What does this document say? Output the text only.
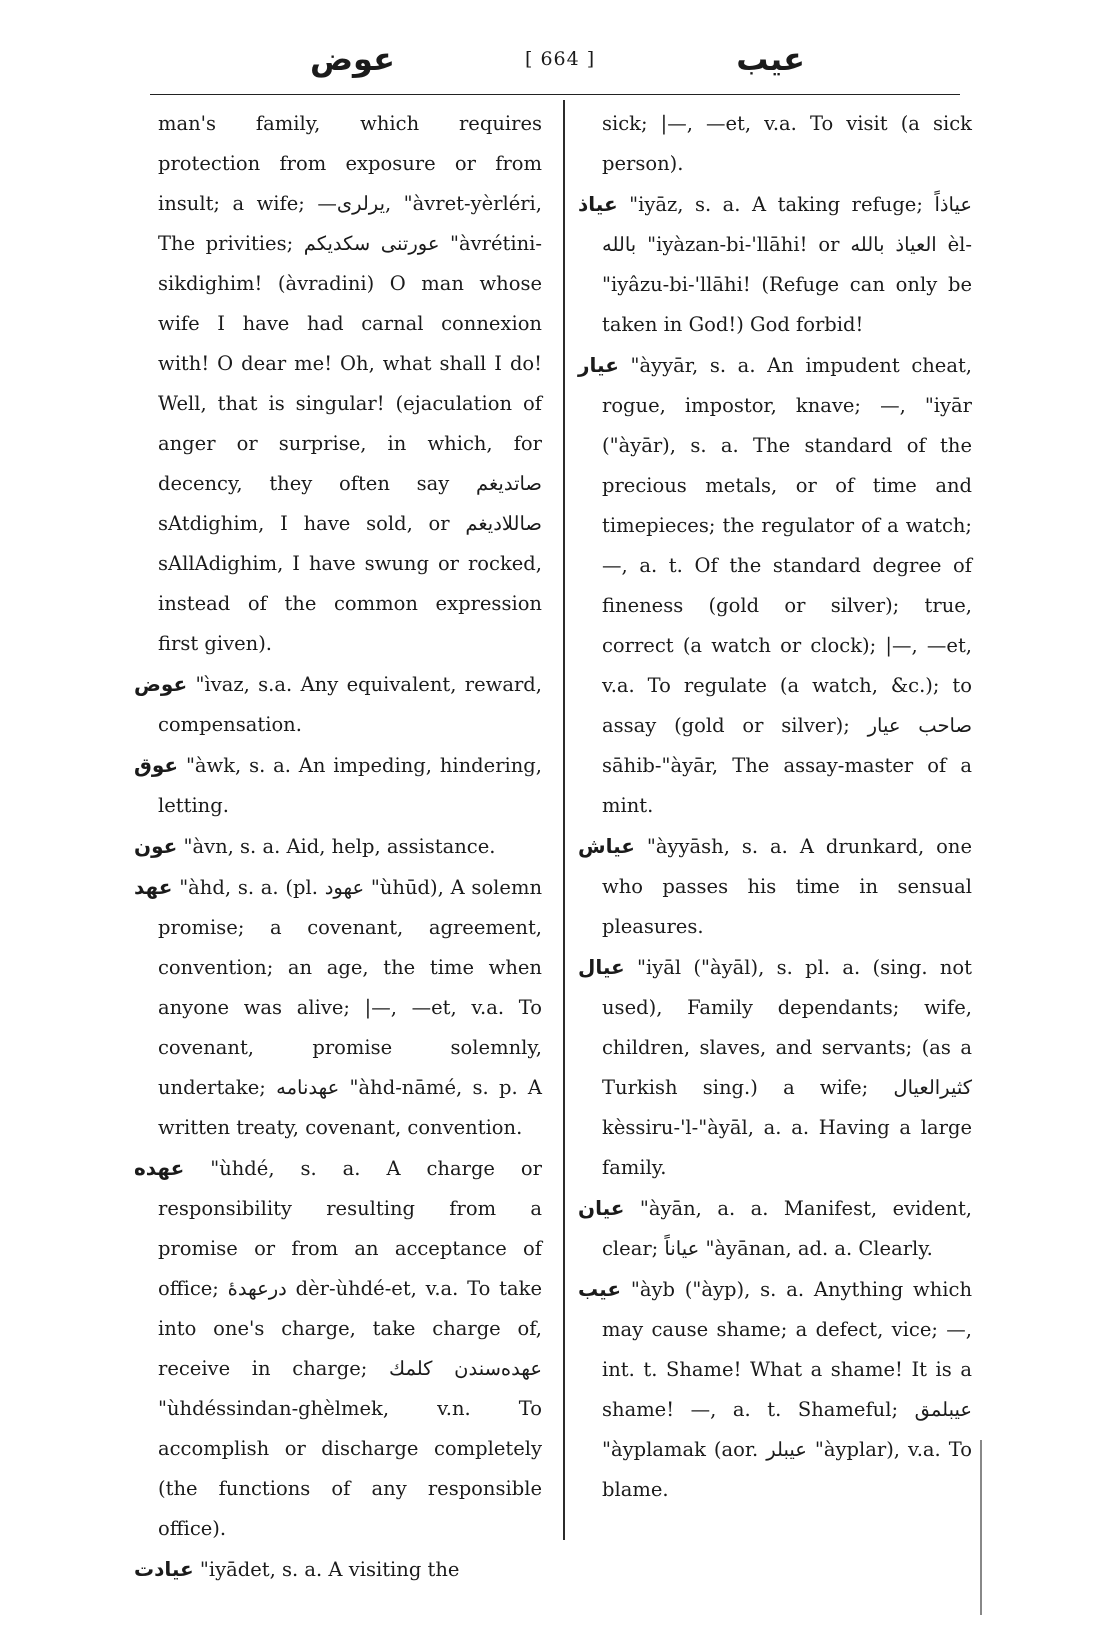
عوض	[ 664 ]	عیب

man's family, which requires protection from exposure or from insult; a wife; —یرلری, "àvret-yèrléri, The privities; عورتنی سکدیکم "àvrétini-sikdighim! (àvradini) O man whose wife I have had carnal connexion with! O dear me! Oh, what shall I do! Well, that is singular! (ejaculation of anger or surprise, in which, for decency, they often say صاتدیغم sAtdighim, I have sold, or صاللادیغم sAllAdighim, I have swung or rocked, instead of the common expression first given).

عوض "ìvaz, s.a. Any equivalent, reward, compensation.

عوق "àwk, s. a. An impeding, hindering, letting.

عون "àvn, s. a. Aid, help, assistance.

عهد "àhd, s. a. (pl. عهود "ùhūd), A solemn promise; a covenant, agreement, convention; an age, the time when anyone was alive; |—, —et, v.a. To covenant, promise solemnly, undertake; عهدنامه "àhd-nāmé, s. p. A written treaty, covenant, convention.

عهده "ùhdé, s. a. A charge or responsibility resulting from a promise or from an acceptance of office; درعهدهٔ dèr-ùhdé-et, v.a. To take into one's charge, take charge of, receive in charge; عهده‌سندن کلمك "ùhdéssindan-ghèlmek, v.n. To accomplish or discharge completely (the functions of any responsible office).

عیادت "iyādet, s. a. A visiting the

sick; |—, —et, v.a. To visit (a sick person).

عیاذ "iyāz, s. a. A taking refuge; عیاذاً بالله "iyàzan-bi-'llāhi! or العیاذ بالله èl-"iyâzu-bi-'llāhi! (Refuge can only be taken in God!) God forbid!

عیار "àyyār, s. a. An impudent cheat, rogue, impostor, knave; —, "iyār ("àyār), s. a. The standard of the precious metals, or of time and timepieces; the regulator of a watch; —, a. t. Of the standard degree of fineness (gold or silver); true, correct (a watch or clock); |—, —et, v.a. To regulate (a watch, &c.); to assay (gold or silver); صاحب عیار sāhib-"àyār, The assay-master of a mint.

عیاش "àyyāsh, s. a. A drunkard, one who passes his time in sensual pleasures.

عیال "iyāl ("àyāl), s. pl. a. (sing. not used), Family dependants; wife, children, slaves, and servants; (as a Turkish sing.) a wife; کثیرالعیال kèssiru-'l-"àyāl, a. a. Having a large family.

عیان "àyān, a. a. Manifest, evident, clear; عیاناً "àyānan, ad. a. Clearly.

عیب "àyb ("àyp), s. a. Anything which may cause shame; a defect, vice; —, int. t. Shame! What a shame! It is a shame! —, a. t. Shameful; عیبلمق "àyplamak (aor. عیبلر "àyplar), v.a. To blame.
